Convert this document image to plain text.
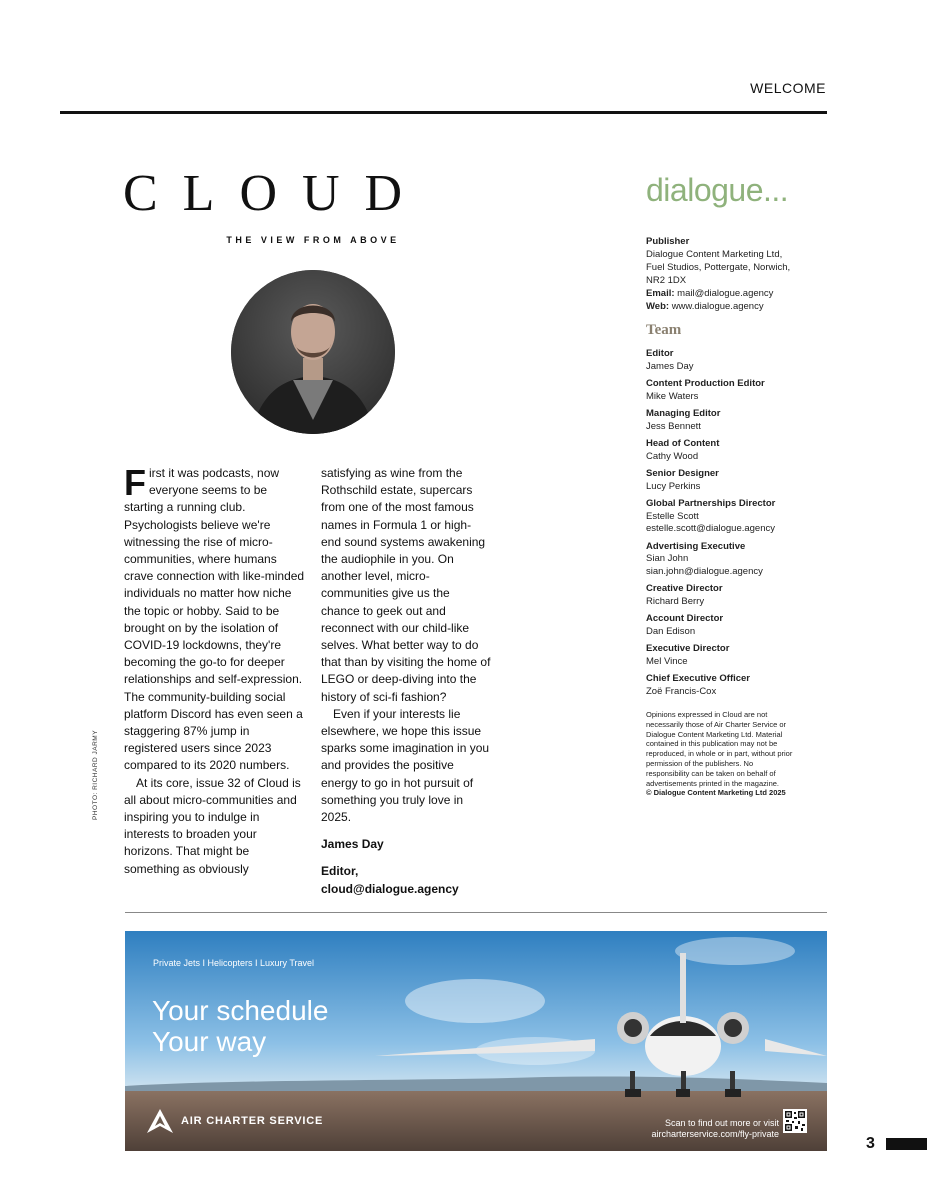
WELCOME
CLOUD
THE VIEW FROM ABOVE
PHOTO: RICHARD JARMY

First it was podcasts, now everyone seems to be starting a running club. Psychologists believe we're witnessing the rise of micro-communities, where humans crave connection with like-minded individuals no matter how niche the topic or hobby. Said to be brought on by the isolation of COVID-19 lockdowns, they're becoming the go-to for deeper relationships and self-expression. The community-building social platform Discord has even seen a staggering 87% jump in registered users since 2023 compared to its 2020 numbers.

At its core, issue 32 of Cloud is all about micro-communities and inspiring you to indulge in interests to broaden your horizons. That might be something as obviously

satisfying as wine from the Rothschild estate, supercars from one of the most famous names in Formula 1 or high-end sound systems awakening the audiophile in you. On another level, micro-communities give us the chance to geek out and reconnect with our child-like selves. What better way to do that than by visiting the home of LEGO or deep-diving into the history of sci-fi fashion?

Even if your interests lie elsewhere, we hope this issue sparks some imagination in you and provides the positive energy to go in hot pursuit of something you truly love in 2025.

James Day

Editor, cloud@dialogue.agency

dialogue...
Publisher
Dialogue Content Marketing Ltd,
Fuel Studios, Pottergate, Norwich,
NR2 1DX
Email: mail@dialogue.agency
Web: www.dialogue.agency
Team
Editor
James Day
Content Production Editor
Mike Waters
Managing Editor
Jess Bennett
Head of Content
Cathy Wood
Senior Designer
Lucy Perkins
Global Partnerships Director
Estelle Scott
estelle.scott@dialogue.agency
Advertising Executive
Sian John
sian.john@dialogue.agency
Creative Director
Richard Berry
Account Director
Dan Edison
Executive Director
Mel Vince
Chief Executive Officer
Zoë Francis-Cox
Opinions expressed in Cloud are not necessarily those of Air Charter Service or Dialogue Content Marketing Ltd. Material contained in this publication may not be reproduced, in whole or in part, without prior permission of the publishers. No responsibility can be taken on behalf of advertisements printed in the magazine.
© Dialogue Content Marketing Ltd 2025
Private Jets I Helicopters I Luxury Travel
Your schedule
Your way
AIR CHARTER SERVICE	Scan to find out more or visit
aircharterservice.com/fly-private
3
